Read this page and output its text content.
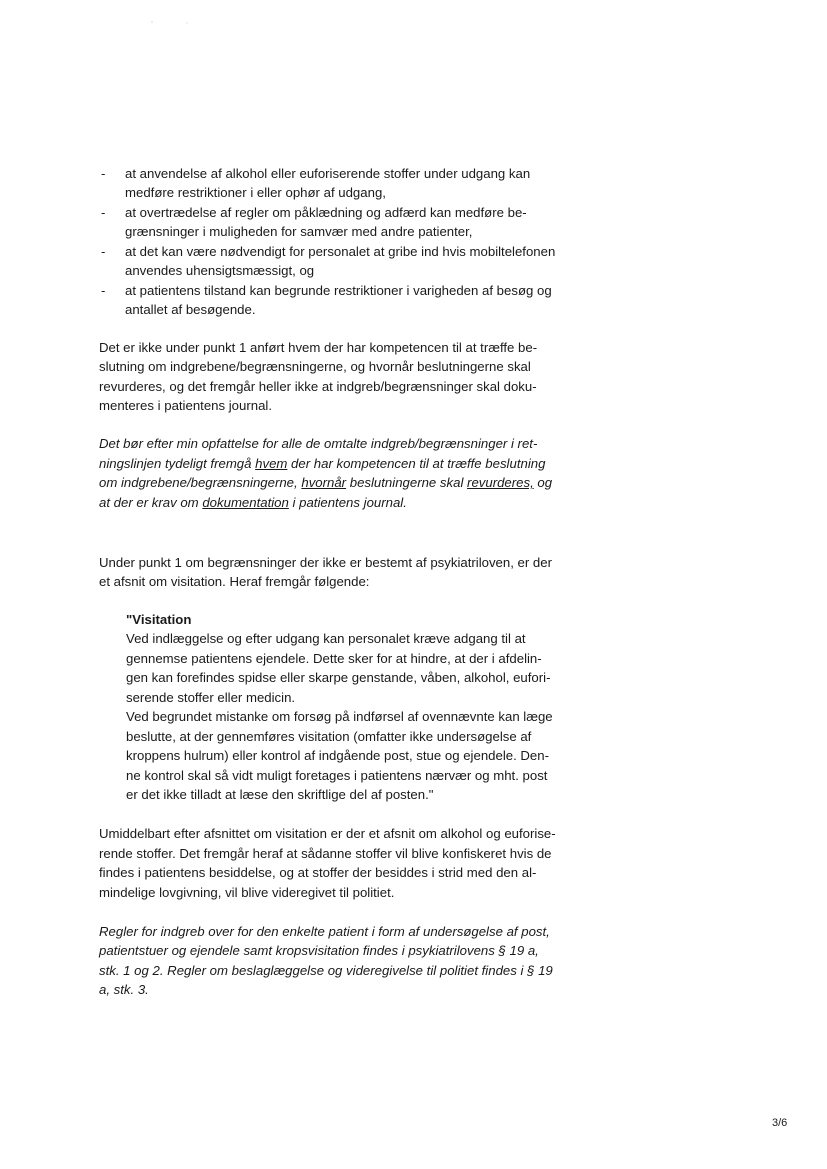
- at anvendelse af alkohol eller euforiserende stoffer under udgang kan
medføre restriktioner i eller ophør af udgang,
- at overtrædelse af regler om påklædning og adfærd kan medføre be-
grænsninger i muligheden for samvær med andre patienter,
- at det kan være nødvendigt for personalet at gribe ind hvis mobiltelefonen
anvendes uhensigtsmæssigt, og
- at patientens tilstand kan begrunde restriktioner i varigheden af besøg og
antallet af besøgende.
Det er ikke under punkt 1 anført hvem der har kompetencen til at træffe be-
slutning om indgrebene/begrænsningerne, og hvornår beslutningerne skal
revurderes, og det fremgår heller ikke at indgreb/begrænsninger skal doku-
menteres i patientens journal.
Det bør efter min opfattelse for alle de omtalte indgreb/begrænsninger i ret-
ningslinjen tydeligt fremgå hvem der har kompetencen til at træffe beslutning
om indgrebene/begrænsningerne, hvornår beslutningerne skal revurderes, og
at der er krav om dokumentation i patientens journal.
Under punkt 1 om begrænsninger der ikke er bestemt af psykiatriloven, er der
et afsnit om visitation. Heraf fremgår følgende:
"Visitation
Ved indlæggelse og efter udgang kan personalet kræve adgang til at
gennemse patientens ejendele. Dette sker for at hindre, at der i afdelin-
gen kan forefindes spidse eller skarpe genstande, våben, alkohol, eufori-
serende stoffer eller medicin.
Ved begrundet mistanke om forsøg på indførsel af ovennævnte kan læge
beslutte, at der gennemføres visitation (omfatter ikke undersøgelse af
kroppens hulrum) eller kontrol af indgående post, stue og ejendele. Den-
ne kontrol skal så vidt muligt foretages i patientens nærvær og mht. post
er det ikke tilladt at læse den skriftlige del af posten."
Umiddelbart efter afsnittet om visitation er der et afsnit om alkohol og euforise-
rende stoffer. Det fremgår heraf at sådanne stoffer vil blive konfiskeret hvis de
findes i patientens besiddelse, og at stoffer der besiddes i strid med den al-
mindelige lovgivning, vil blive videregivet til politiet.
Regler for indgreb over for den enkelte patient i form af undersøgelse af post,
patientstuer og ejendele samt kropsvisitation findes i psykiatrilovens § 19 a,
stk. 1 og 2. Regler om beslaglæggelse og videregivelse til politiet findes i § 19
a, stk. 3.
3/6
